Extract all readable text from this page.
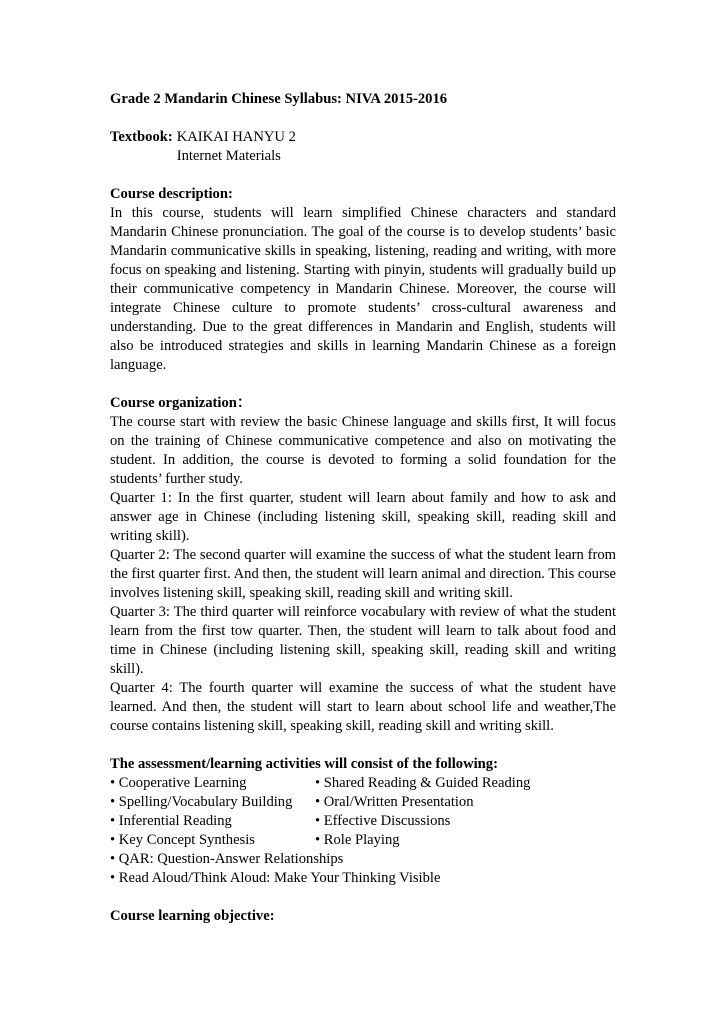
Grade 2 Mandarin Chinese Syllabus: NIVA 2015-2016
Textbook: KAIKAI HANYU 2
Internet Materials
Course description:

In this course, students will learn simplified Chinese characters and standard Mandarin Chinese pronunciation. The goal of the course is to develop students’ basic Mandarin communicative skills in speaking, listening, reading and writing, with more focus on speaking and listening. Starting with pinyin, students will gradually build up their communicative competency in Mandarin Chinese. Moreover, the course will integrate Chinese culture to promote students’ cross-cultural awareness and understanding. Due to the great differences in Mandarin and English, students will also be introduced strategies and skills in learning Mandarin Chinese as a foreign language.

Course organization：

The course start with review the basic Chinese language and skills first, It will focus on the training of Chinese communicative competence and also on motivating the student. In addition, the course is devoted to forming a solid foundation for the students’ further study.

Quarter 1: In the first quarter, student will learn about family and how to ask and answer age in Chinese (including listening skill, speaking skill, reading skill and writing skill).

Quarter 2: The second quarter will examine the success of what the student learn from the first quarter first. And then, the student will learn animal and direction. This course involves listening skill, speaking skill, reading skill and writing skill.

Quarter 3: The third quarter will reinforce vocabulary with review of what the student learn from the first tow quarter. Then, the student will learn to talk about food and time in Chinese (including listening skill, speaking skill, reading skill and writing skill).

Quarter 4: The fourth quarter will examine the success of what the student have learned. And then, the student will start to learn about school life and weather,The course contains listening skill, speaking skill, reading skill and writing skill.

The assessment/learning activities will consist of the following:
• Cooperative Learning	• Shared Reading & Guided Reading
• Spelling/Vocabulary Building	• Oral/Written Presentation
• Inferential Reading	• Effective Discussions
• Key Concept Synthesis	• Role Playing
• QAR: Question-Answer Relationships
• Read Aloud/Think Aloud: Make Your Thinking Visible
Course learning objective:
